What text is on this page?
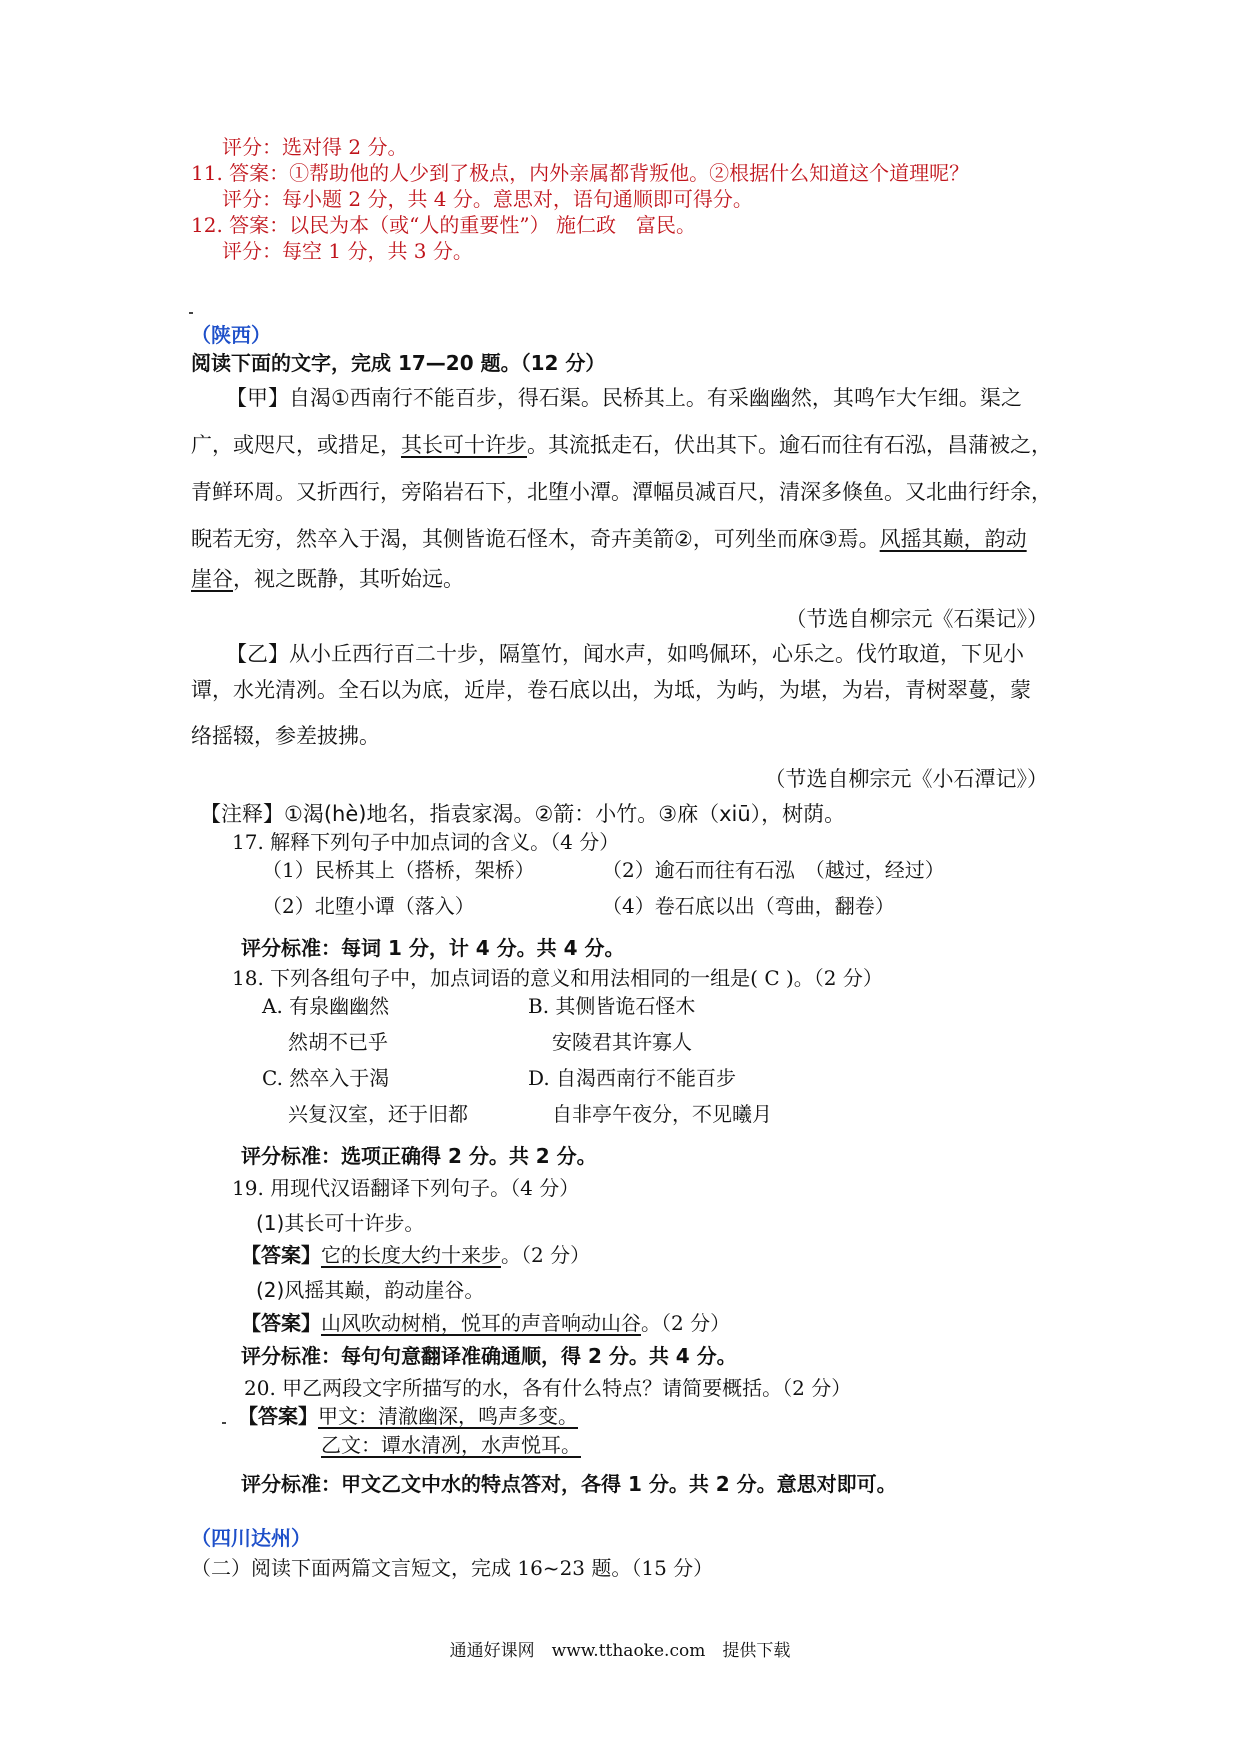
评分：选对得 2 分。
11. 答案：①帮助他的人少到了极点，内外亲属都背叛他。②根据什么知道这个道理呢？
评分：每小题 2 分，共 4 分。意思对，语句通顺即可得分。
12. 答案：以民为本（或“人的重要性”） 施仁政　富民。
评分：每空 1 分，共 3 分。
（陕西）
阅读下面的文字，完成 17—20 题。（12 分）
【甲】自渴①西南行不能百步，得石渠。民桥其上。有采幽幽然，其鸣乍大乍细。渠之
广，或咫尺，或措足，其长可十许步。其流抵走石，伏出其下。逾石而往有石泓，昌蒲被之，
青鲜环周。又折西行，旁陷岩石下，北堕小潭。潭幅员减百尺，清深多倏鱼。又北曲行纡余，
睨若无穷，然卒入于渴，其侧皆诡石怪木，奇卉美箭②，可列坐而庥③焉。风摇其巅，韵动
崖谷，视之既静，其听始远。
（节选自柳宗元《石渠记》）
【乙】从小丘西行百二十步，隔篁竹，闻水声，如鸣佩环，心乐之。伐竹取道，下见小
谭，水光清冽。全石以为底，近岸，卷石底以出，为坻，为屿，为堪，为岩，青树翠蔓，蒙
络摇辍，参差披拂。
（节选自柳宗元《小石潭记》）
【注释】①渴(hè)地名，指袁家渴。②箭：小竹。③庥（xiū），树荫。
17. 解释下列句子中加点词的含义。（4 分）
（1）民桥其上（搭桥，架桥）	（2）逾石而往有石泓　（越过，经过）
（2）北堕小谭（落入）	（4）卷石底以出（弯曲，翻卷）
评分标准：每词 1 分，计 4 分。共 4 分。
18. 下列各组句子中，加点词语的意义和用法相同的一组是( C )。（2 分）
A. 有泉幽幽然
然胡不已乎
B. 其侧皆诡石怪木
安陵君其许寡人
C. 然卒入于渴
兴复汉室，还于旧都
D. 自渴西南行不能百步
自非亭午夜分，不见曦月
评分标准：选项正确得 2 分。共 2 分。
19. 用现代汉语翻译下列句子。（4 分）
(1)其长可十许步。
【答案】它的长度大约十来步。（2 分）
(2)风摇其巅，韵动崖谷。
【答案】山风吹动树梢，悦耳的声音响动山谷。（2 分）
评分标准：每句句意翻译准确通顺，得 2 分。共 4 分。
20. 甲乙两段文字所描写的水，各有什么特点？请简要概括。（2 分）
【答案】甲文：清澈幽深，鸣声多变。
乙文：谭水清冽，水声悦耳。
评分标准：甲文乙文中水的特点答对，各得 1 分。共 2 分。意思对即可。
（四川达州）
（二）阅读下面两篇文言短文，完成 16~23 题。（15 分）
通通好课网　www.tthaoke.com　提供下载
